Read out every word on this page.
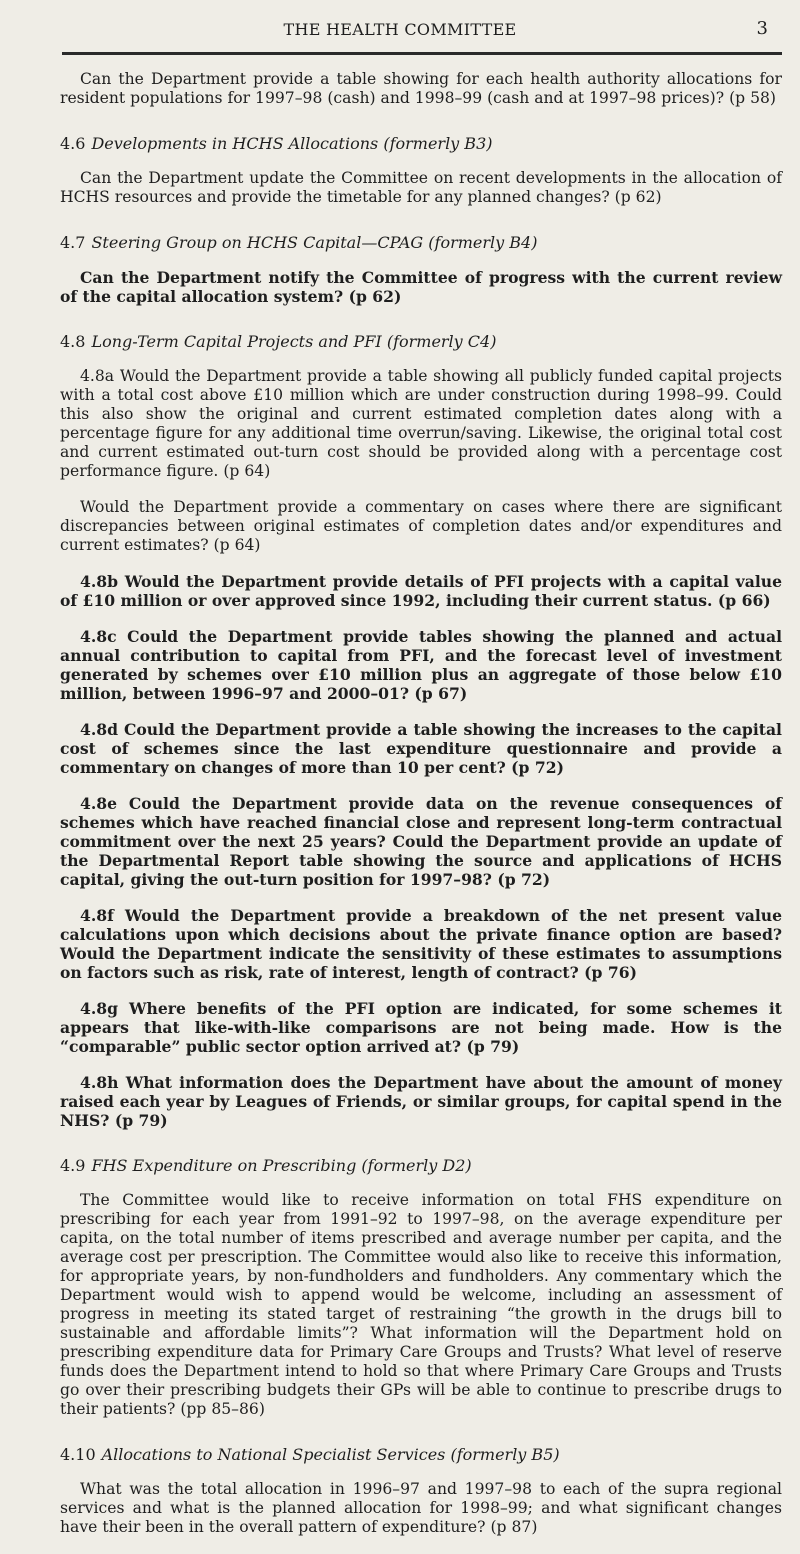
THE HEALTH COMMITTEE	3

Can the Department provide a table showing for each health authority allocations for resident populations for 1997–98 (cash) and 1998–99 (cash and at 1997–98 prices)? (p 58)

4.6 Developments in HCHS Allocations (formerly B3)

Can the Department update the Committee on recent developments in the allocation of HCHS resources and provide the timetable for any planned changes? (p 62)

4.7 Steering Group on HCHS Capital—CPAG (formerly B4)

Can the Department notify the Committee of progress with the current review of the capital allocation system? (p 62)

4.8 Long-Term Capital Projects and PFI (formerly C4)

4.8a Would the Department provide a table showing all publicly funded capital projects with a total cost above £10 million which are under construction during 1998–99. Could this also show the original and current estimated completion dates along with a percentage figure for any additional time overrun/saving. Likewise, the original total cost and current estimated out-turn cost should be provided along with a percentage cost performance figure. (p 64)

Would the Department provide a commentary on cases where there are significant discrepancies between original estimates of completion dates and/or expenditures and current estimates? (p 64)

4.8b Would the Department provide details of PFI projects with a capital value of £10 million or over approved since 1992, including their current status. (p 66)

4.8c Could the Department provide tables showing the planned and actual annual contribution to capital from PFI, and the forecast level of investment generated by schemes over £10 million plus an aggregate of those below £10 million, between 1996–97 and 2000–01? (p 67)

4.8d Could the Department provide a table showing the increases to the capital cost of schemes since the last expenditure questionnaire and provide a commentary on changes of more than 10 per cent? (p 72)

4.8e Could the Department provide data on the revenue consequences of schemes which have reached financial close and represent long-term contractual commitment over the next 25 years? Could the Department provide an update of the Departmental Report table showing the source and applications of HCHS capital, giving the out-turn position for 1997–98? (p 72)

4.8f Would the Department provide a breakdown of the net present value calculations upon which decisions about the private finance option are based? Would the Department indicate the sensitivity of these estimates to assumptions on factors such as risk, rate of interest, length of contract? (p 76)

4.8g Where benefits of the PFI option are indicated, for some schemes it appears that like-with-like comparisons are not being made. How is the “comparable” public sector option arrived at? (p 79)

4.8h What information does the Department have about the amount of money raised each year by Leagues of Friends, or similar groups, for capital spend in the NHS? (p 79)

4.9 FHS Expenditure on Prescribing (formerly D2)

The Committee would like to receive information on total FHS expenditure on prescribing for each year from 1991–92 to 1997–98, on the average expenditure per capita, on the total number of items prescribed and average number per capita, and the average cost per prescription. The Committee would also like to receive this information, for appropriate years, by non-fundholders and fundholders. Any commentary which the Department would wish to append would be welcome, including an assessment of progress in meeting its stated target of restraining “the growth in the drugs bill to sustainable and affordable limits”? What information will the Department hold on prescribing expenditure data for Primary Care Groups and Trusts? What level of reserve funds does the Department intend to hold so that where Primary Care Groups and Trusts go over their prescribing budgets their GPs will be able to continue to prescribe drugs to their patients? (pp 85–86)

4.10 Allocations to National Specialist Services (formerly B5)

What was the total allocation in 1996–97 and 1997–98 to each of the supra regional services and what is the planned allocation for 1998–99; and what significant changes have their been in the overall pattern of expenditure? (p 87)
